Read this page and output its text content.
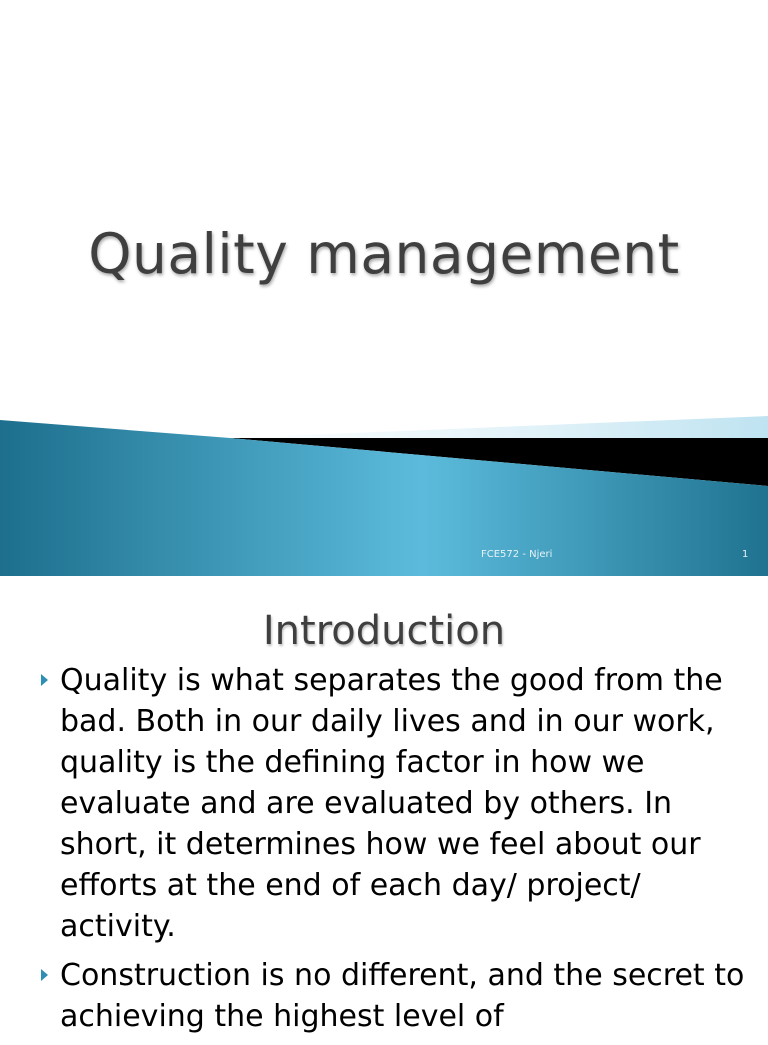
Quality management
FCE572 - Njeri	1
Introduction
Quality is what separates the good from the bad. Both in our daily lives and in our work, quality is the defining factor in how we evaluate and are evaluated by others. In short, it determines how we feel about our efforts at the end of each day/ project/ activity.
Construction is no different, and the secret to achieving the highest level of
